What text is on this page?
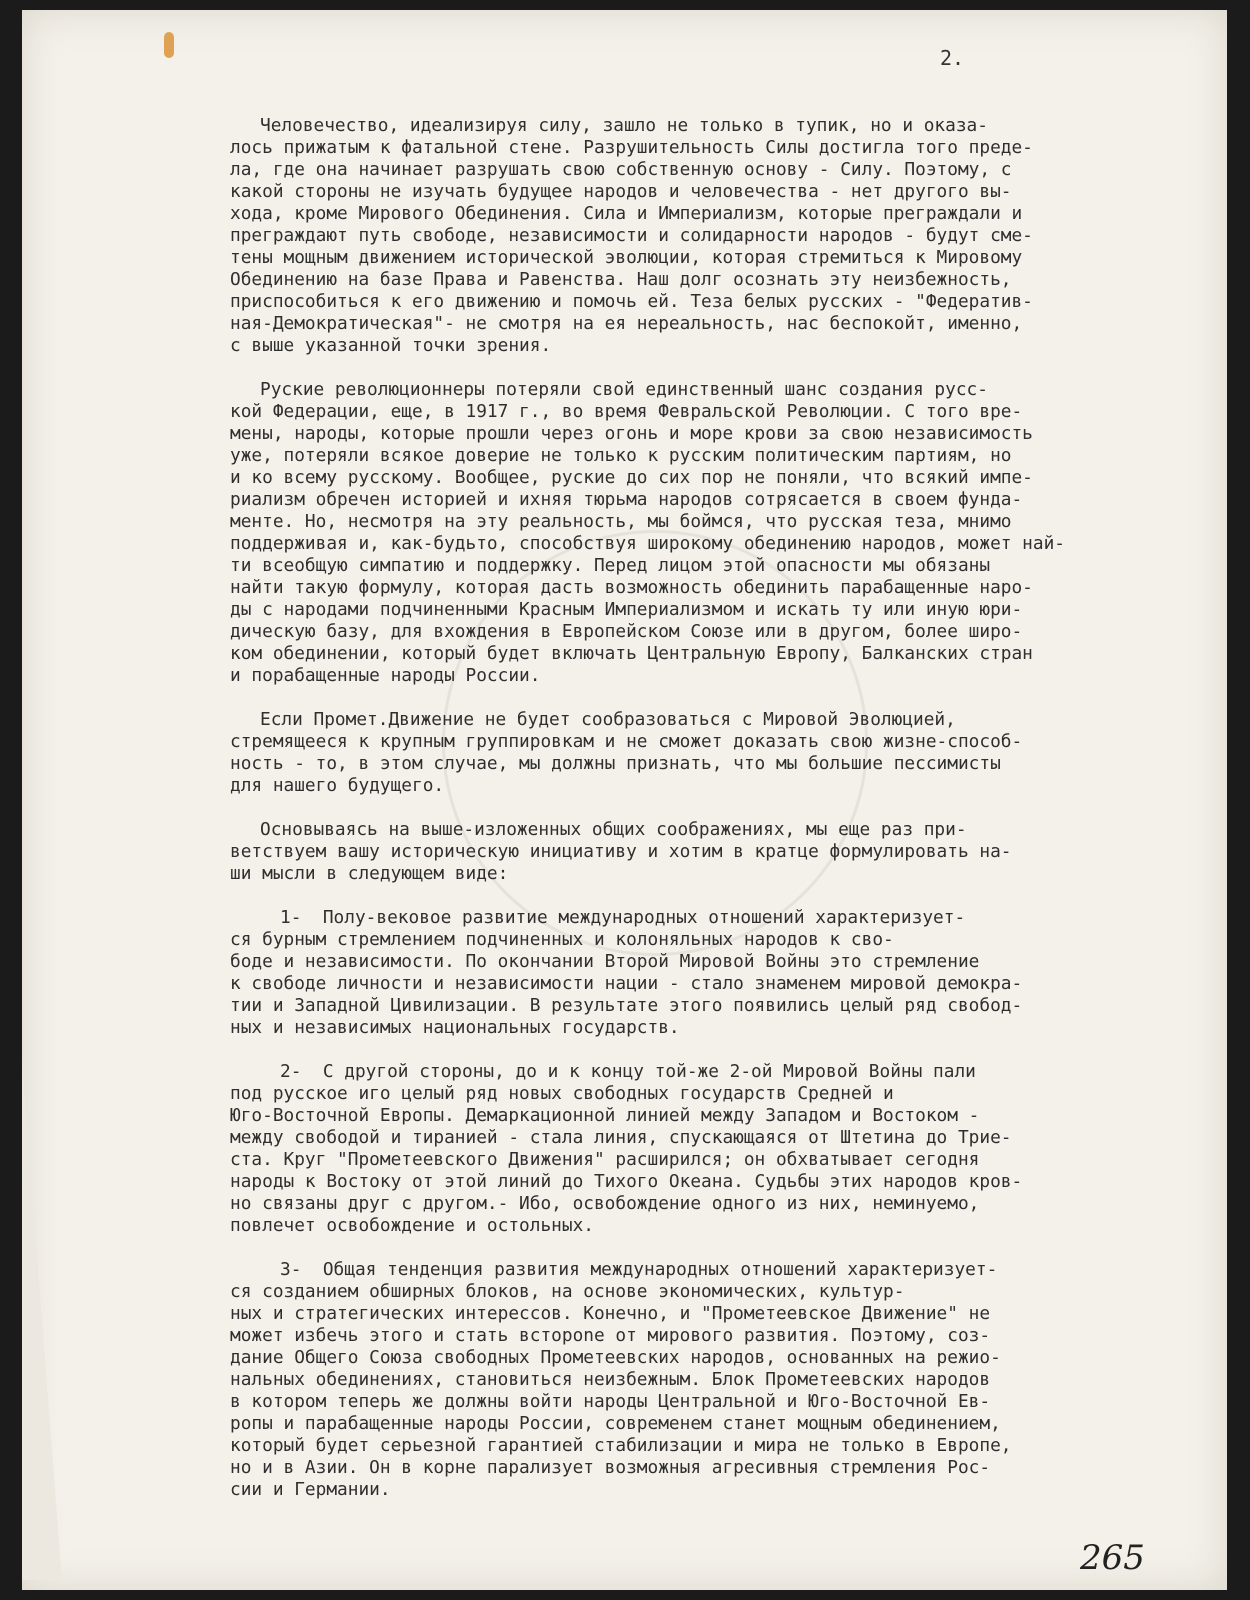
2.
Человечество, идеализируя силу, зашло не только в тупик, но и оказа-
лось прижатым к фатальной стене. Разрушительность Силы достигла того преде-
ла, где она начинает разрушать свою собственную основу - Силу. Поэтому, с
какой стороны не изучать будущее народов и человечества - нет другого вы-
хода, кроме Мирового Обединения. Сила и Империализм, которые преграждали и
преграждают путь свободе, независимости и солидарности народов - будут сме-
тены мощным движением исторической эволюции, которая стремиться к Мировому
Обединению на базе Права и Равенства. Наш долг осознать эту неизбежность,
приспособиться к его движению и помочь ей. Теза белых русских - "Федератив-
ная-Демократическая"- не смотря на ея нереальность, нас беспокойт, именно,
с выше указанной точки зрения.
Руские революционнеры потеряли свой единственный шанс создания русс-
кой Федерации, еще, в 1917 г., во время Февральской Революции. С того вре-
мены, народы, которые прошли через огонь и море крови за свою независимость
уже, потеряли всякое доверие не только к русским политическим партиям, но
и ко всему русскому. Вообщее, руские до сих пор не поняли, что всякий импе-
риализм обречен историей и ихняя тюрьма народов сотрясается в своем фунда-
менте. Но, несмотря на эту реальность, мы боймся, что русская теза, мнимо
поддерживая и, как-будьто, способствуя широкому обединению народов, может най-
ти всеобщую симпатию и поддержку. Перед лицом этой опасности мы обязаны
найти такую формулу, которая дасть возможность обединить парабащенные наро-
ды с народами подчиненными Красным Империализмом и искать ту или иную юри-
дическую базу, для вхождения в Европейском Союзе или в другом, более широ-
ком обединении, который будет включать Центральную Европу, Балканских стран
и порабащенные народы России.
Если Промет.Движение не будет сообразоваться с Мировой Эволюцией,
стремящееся к крупным группировкам и не сможет доказать свою жизне-способ-
ность - то, в этом случае, мы должны признать, что мы большие пессимисты
для нашего будущего.
Основываясь на выше-изложенных общих соображениях, мы еще раз при-
ветствуем вашу историческую инициативу и хотим в кратце формулировать на-
ши мысли в следующем виде:
1- Полу-вековое развитие международных отношений характеризует-
ся бурным стремлением подчиненных и колоняльных народов к сво-
боде и независимости. По окончании Второй Мировой Войны это стремление
к свободе личности и независимости нации - стало знаменем мировой демокра-
тии и Западной Цивилизации. В результате этого появились целый ряд свобод-
ных и независимых национальных государств.
2- С другой стороны, до и к концу той-же 2-ой Мировой Войны пали
под русское иго целый ряд новых свободных государств Средней и
Юго-Восточной Европы. Демаркационной линией между Западом и Востоком -
между свободой и тиранией - стала линия, спускающаяся от Штетина до Трие-
ста. Круг "Прометеевского Движения" расширился; он обхватывает сегодня
народы к Востоку от этой линий до Тихого Океана. Судьбы этих народов кров-
но связаны друг с другом.- Ибо, освобождение одного из них, неминуемо,
повлечет освобождение и остольных.
3- Общая тенденция развития международных отношений характеризует-
ся созданием обширных блоков, на основе экономических, культур-
ных и стратегических интерессов. Конечно, и "Прометеевское Движение" не
может избечь этого и стать всторone от мирового развития. Поэтому, соз-
дание Общего Союза свободных Прометеевских народов, основанных на режио-
нальных обединениях, становиться неизбежным. Блок Прометеевских народов
в котором теперь же должны войти народы Центральной и Юго-Восточной Ев-
ропы и парабащенные народы России, современем станет мощным обединением,
который будет серьезной гарантией стабилизации и мира не только в Европе,
но и в Азии. Он в корне парализует возможныя агресивныя стремления Рос-
сии и Германии.
265
